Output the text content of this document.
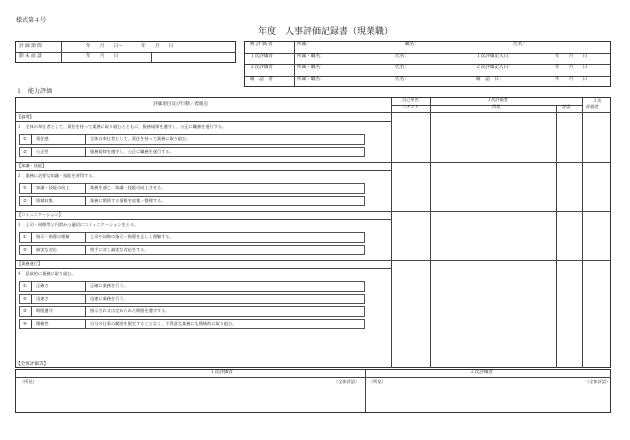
様式第４号
年度　人事評価記録書（現業職）
評 価 期 間	年　　月　　日〜　　　　年　　月　　日
期 末 面 談	年　　月　　日
被 評 価 者	所属：	職名：	氏名：
１次評価者	所属・職名：	氏名：	１次評価記入日：	年　　月　　日
２次評価者	所属・職名：	氏名：	２次評価記入日：	年　　月　　日
確　認　者	所属・職名：	氏名：	確　認　日：	年　　月　　日
１　能力評価
評価項目及び行動／着眼点
自己申告
コメント
１次評価者
所見	評語
２次
評価者
【倫理】
１　全体の奉仕者として、責任を持って業務に取り組むとともに、服務規律を遵守し、公正に職務を遂行する。
① 責任感	全体の奉仕者として、責任を持って業務に取り組む。
② 公正性	服務規律を遵守し、公正に職務を遂行する。
【知識・技能】
２　業務に必要な知識・技能を習得する。
① 知識・技能の向上	業務を通じ、知識・技能の向上させる。
② 情報収集	業務に関係する情報を収集・整理する。
【コミュニケーション】
３　上司・同僚等と円滑かつ適切にコミュニケーションをとる。
① 指示・指導の理解	上司や同僚の指示・指導を正しく理解する。
② 誠実な対応	相手に対し誠実な対応をする。
【業務遂行】
４　意欲的に業務に取り組む。
① 正確さ	正確に業務を行う。
② 迅速さ	迅速に業務を行う。
③ 期限遵守	指示され又は定められた期限を遵守する。
④ 積極性	自分の仕事の範囲を限定することなく、不得意な業務にも積極的に取り組む。
【全体評価等】
１次評価者	２次評価者
（所見）	（全体評語） （所見）	（全体評語）
